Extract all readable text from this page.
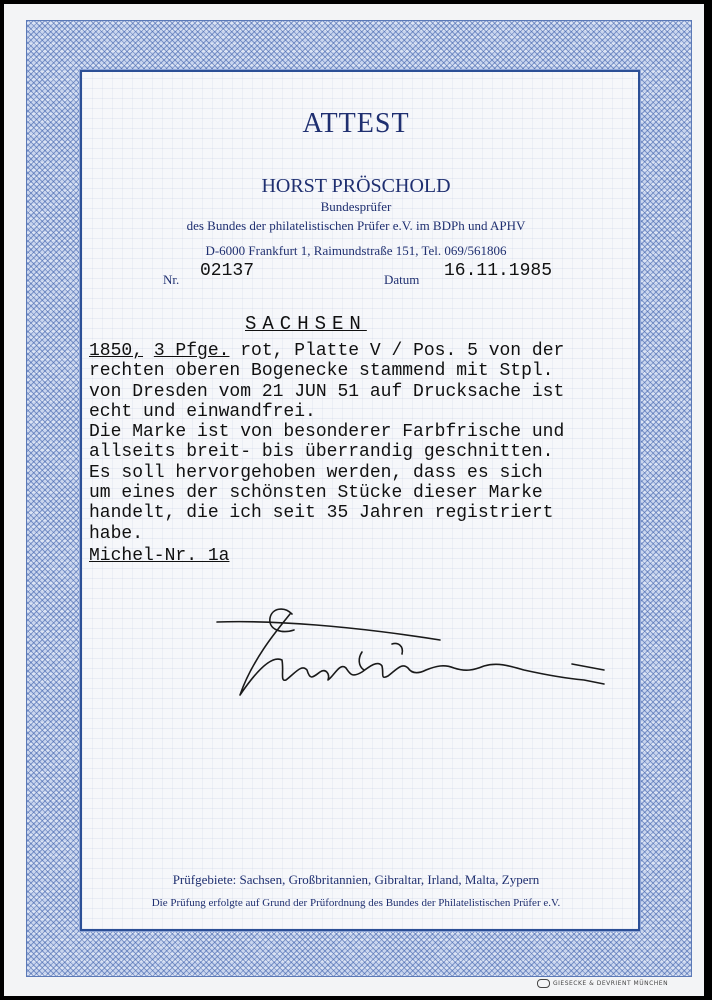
ATTEST
HORST PRÖSCHOLD
Bundesprüfer
des Bundes der philatelistischen Prüfer e.V. im BDPh und APHV
D-6000 Frankfurt 1, Raimundstraße 151, Tel. 069/561806
Nr. 02137	Datum 16.11.1985
SACHSEN
1850, 3 Pfge. rot, Platte V / Pos. 5 von der
rechten oberen Bogenecke stammend mit Stpl.
von Dresden vom 21 JUN 51 auf Drucksache ist
echt und einwandfrei.
Die Marke ist von besonderer Farbfrische und
allseits breit- bis überrandig geschnitten.
Es soll hervorgehoben werden, dass es sich
um eines der schönsten Stücke dieser Marke
handelt, die ich seit 35 Jahren registriert
habe.
Michel-Nr. 1a
Prüfgebiete: Sachsen, Großbritannien, Gibraltar, Irland, Malta, Zypern
Die Prüfung erfolgte auf Grund der Prüfordnung des Bundes der Philatelistischen Prüfer e.V.
GIESECKE & DEVRIENT MÜNCHEN
